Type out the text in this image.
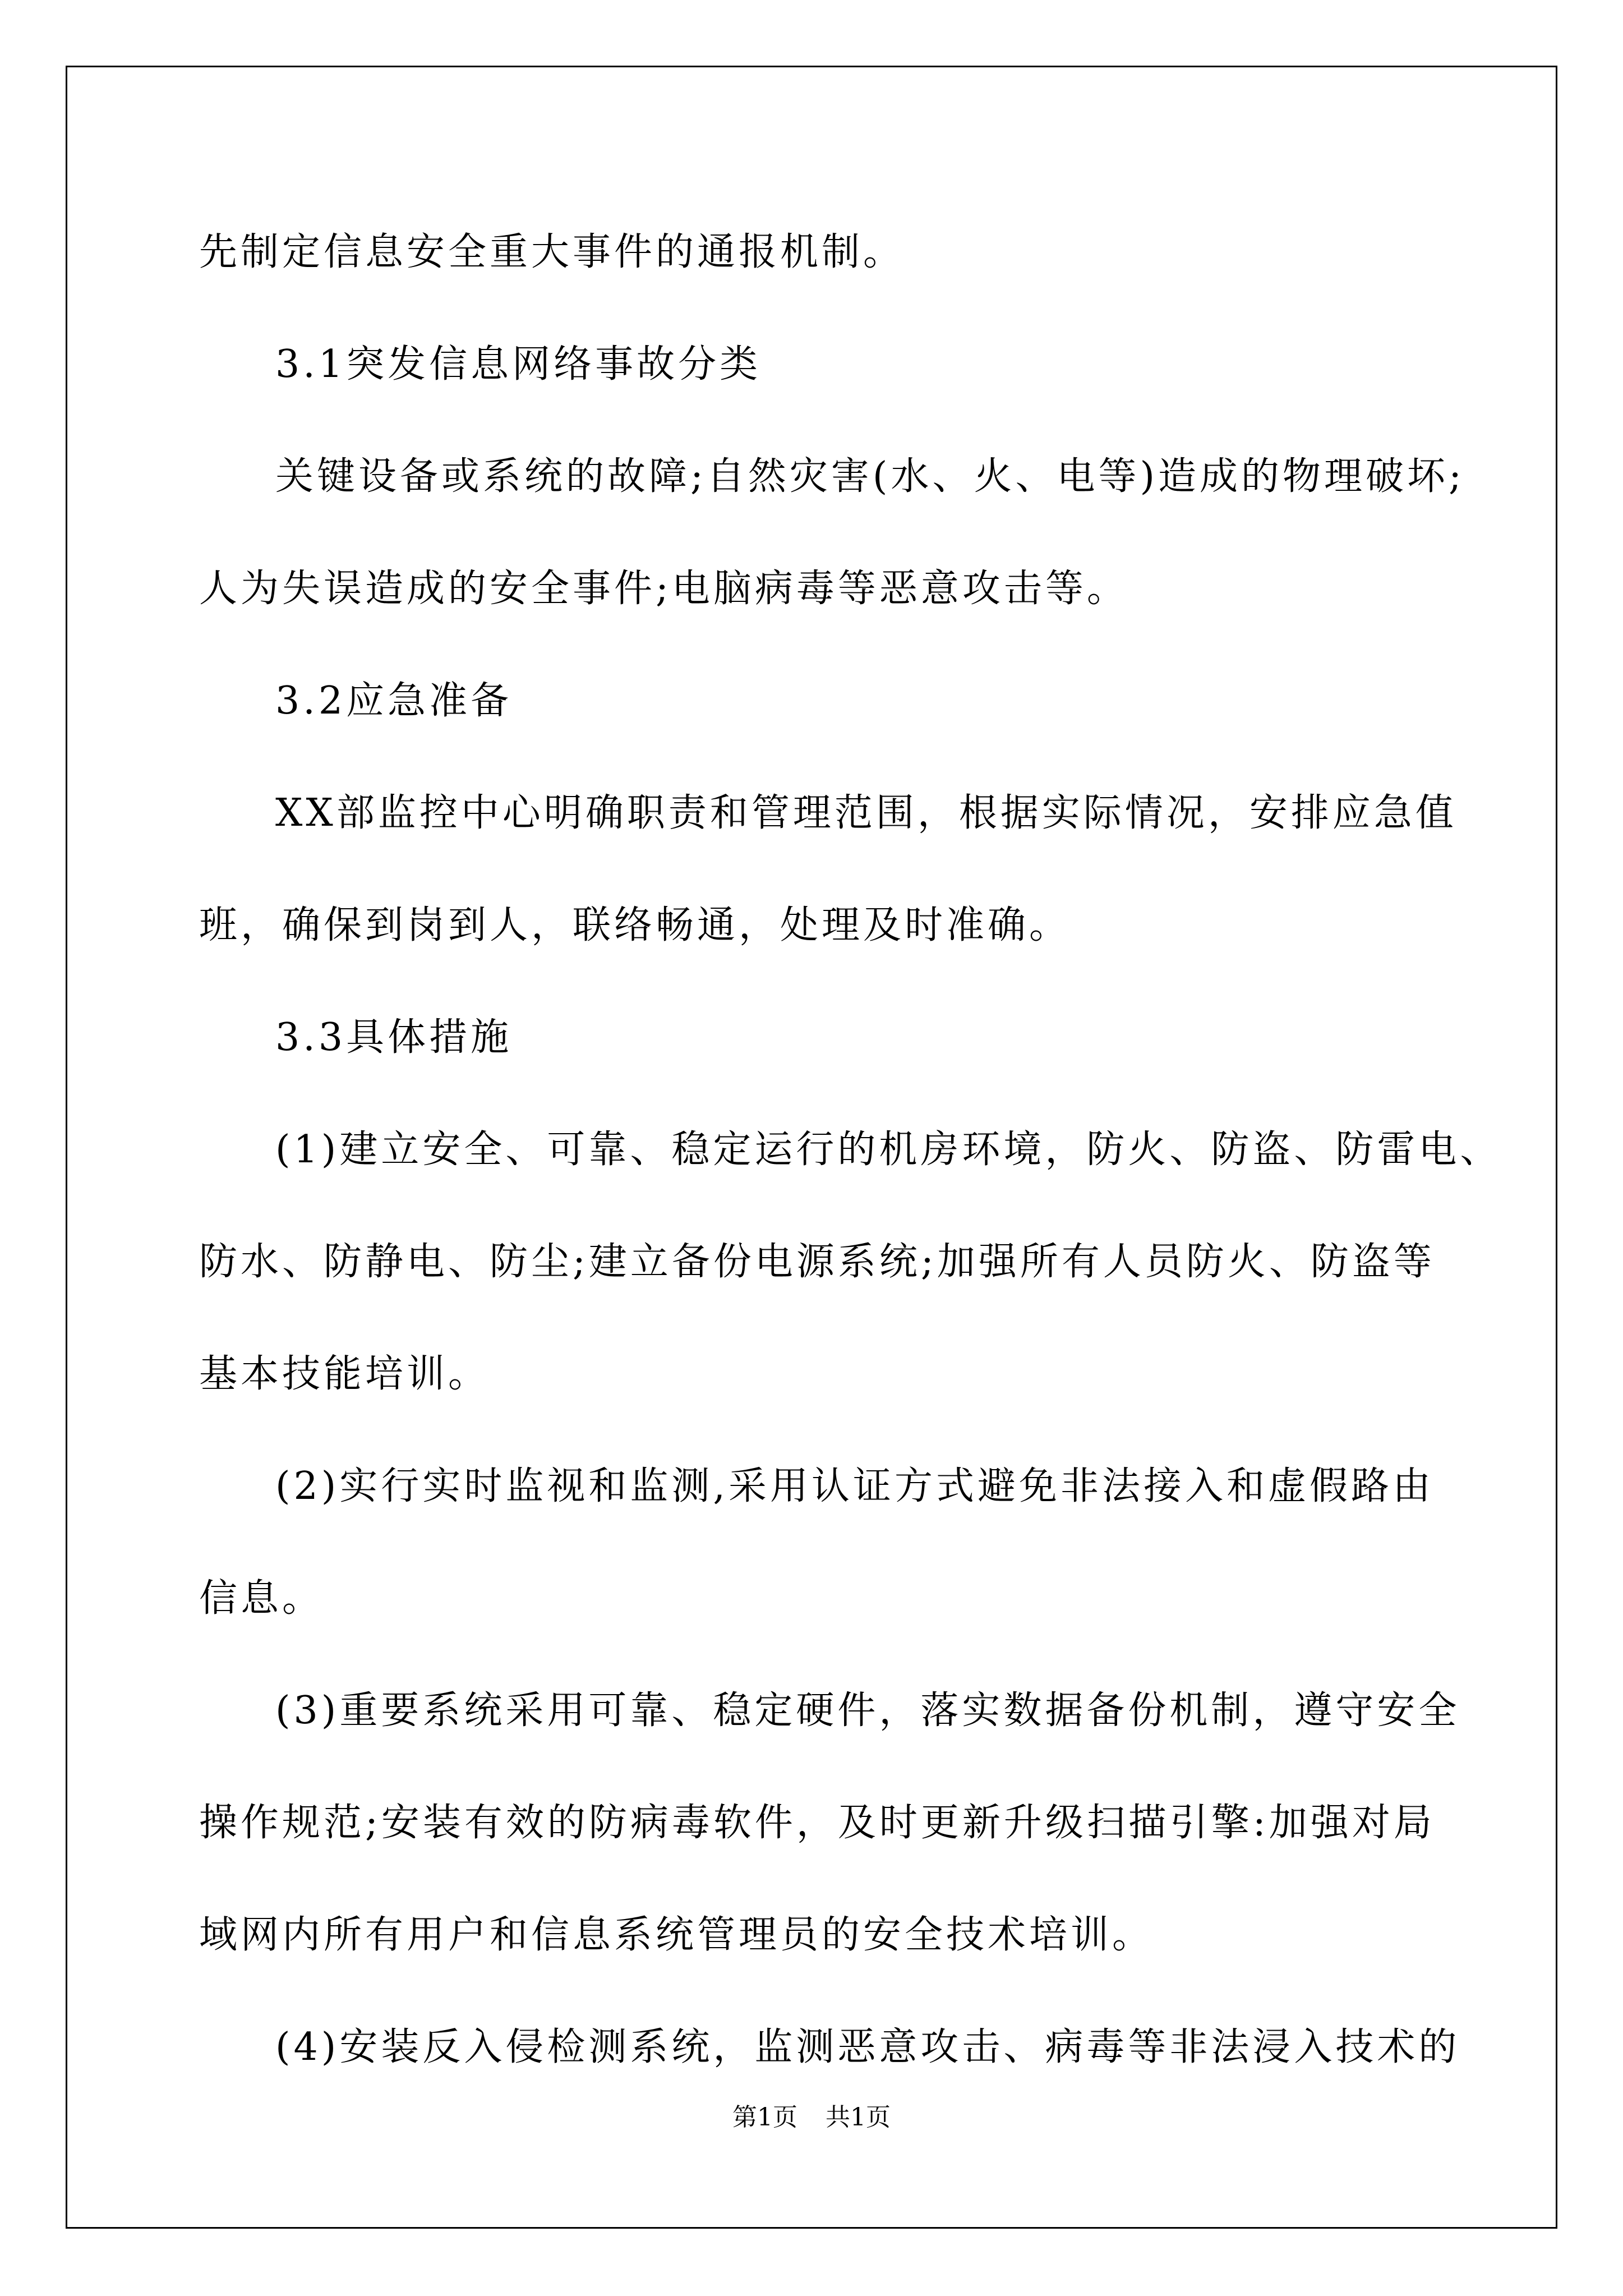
先制定信息安全重大事件的通报机制。

3.1突发信息网络事故分类

关键设备或系统的故障;自然灾害(水、火、电等)造成的物理破坏;

人为失误造成的安全事件;电脑病毒等恶意攻击等。

3.2应急准备

XX部监控中心明确职责和管理范围，根据实际情况，安排应急值

班，确保到岗到人，联络畅通，处理及时准确。

3.3具体措施

(1)建立安全、可靠、稳定运行的机房环境，防火、防盗、防雷电、

防水、防静电、防尘;建立备份电源系统;加强所有人员防火、防盗等

基本技能培训。

(2)实行实时监视和监测,采用认证方式避免非法接入和虚假路由

信息。

(3)重要系统采用可靠、稳定硬件，落实数据备份机制，遵守安全

操作规范;安装有效的防病毒软件，及时更新升级扫描引擎:加强对局

域网内所有用户和信息系统管理员的安全技术培训。

(4)安装反入侵检测系统，监测恶意攻击、病毒等非法浸入技术的

第1页 共1页
